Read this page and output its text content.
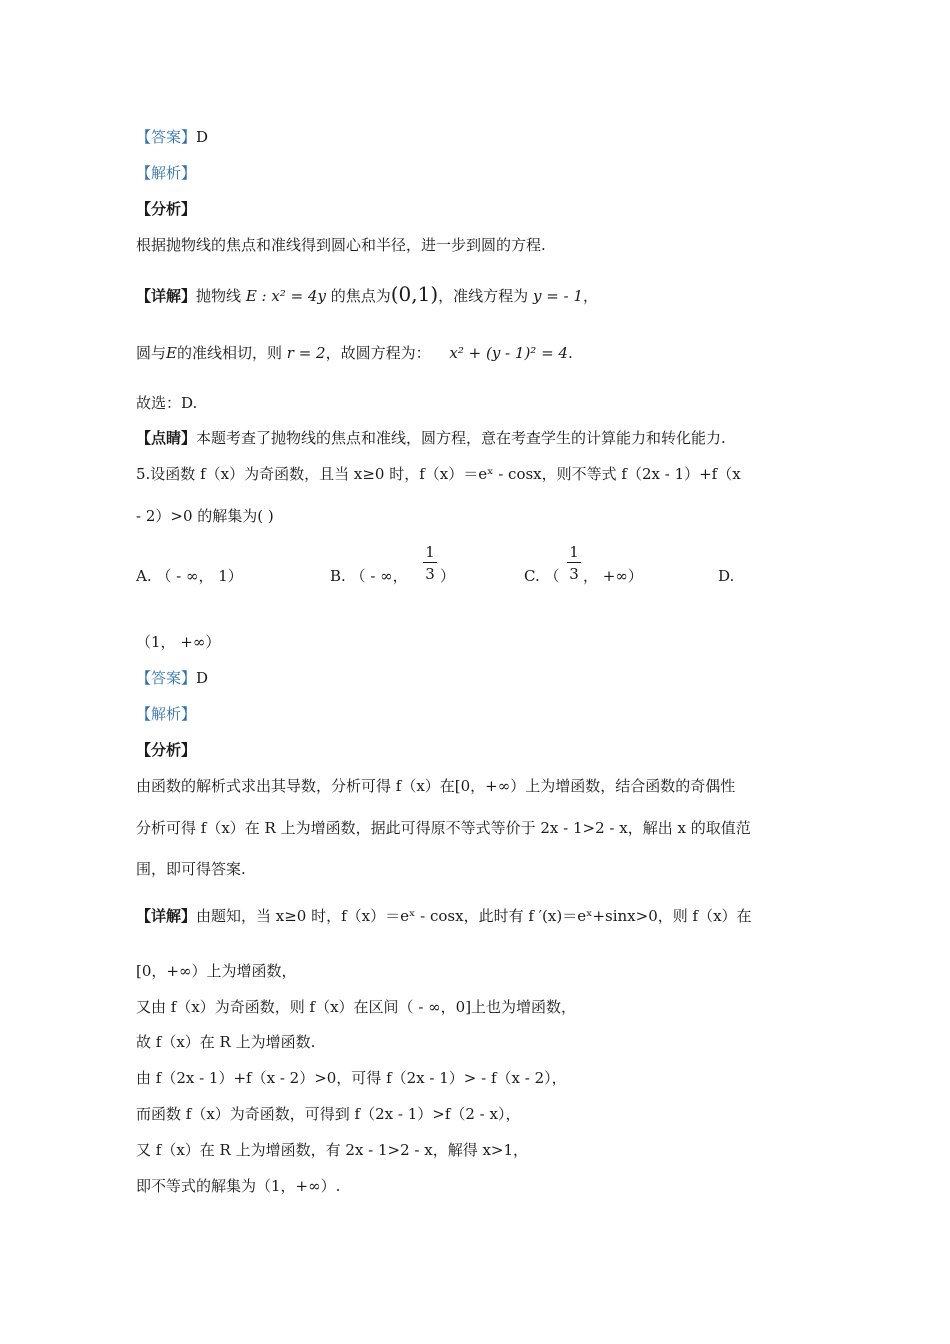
【答案】D
【解析】
【分析】
根据抛物线的焦点和准线得到圆心和半径，进一步到圆的方程.
【详解】抛物线 E : x² = 4y 的焦点为(0,1)，准线方程为 y = - 1，
圆与E的准线相切，则 r = 2，故圆方程为： x² + (y - 1)² = 4.
故选：D.
【点睛】本题考查了抛物线的焦点和准线，圆方程，意在考查学生的计算能力和转化能力.
5.设函数 f（x）为奇函数，且当 x≥0 时，f（x）＝eˣ - cosx，则不等式 f（2x - 1）+f（x
- 2）>0 的解集为( )
A. （ - ∞， 1）	B. （ - ∞， $\frac{1}{3}$ ）	C. （ $\frac{1}{3}$ ， +∞）	D.
（1， +∞）
【答案】D
【解析】
【分析】
由函数的解析式求出其导数，分析可得 f（x）在[0，+∞）上为增函数，结合函数的奇偶性
分析可得 f（x）在 R 上为增函数，据此可得原不等式等价于 2x - 1>2 - x，解出 x 的取值范
围，即可得答案.
【详解】由题知，当 x≥0 时，f（x）＝eˣ - cosx，此时有 f ′(x)＝eˣ+sinx>0，则 f（x）在
[0，+∞）上为增函数，
又由 f（x）为奇函数，则 f（x）在区间（ - ∞，0]上也为增函数，
故 f（x）在 R 上为增函数.
由 f（2x - 1）+f（x - 2）>0，可得 f（2x - 1）> - f（x - 2），
而函数 f（x）为奇函数，可得到 f（2x - 1）>f（2 - x），
又 f（x）在 R 上为增函数，有 2x - 1>2 - x，解得 x>1，
即不等式的解集为（1，+∞）.
